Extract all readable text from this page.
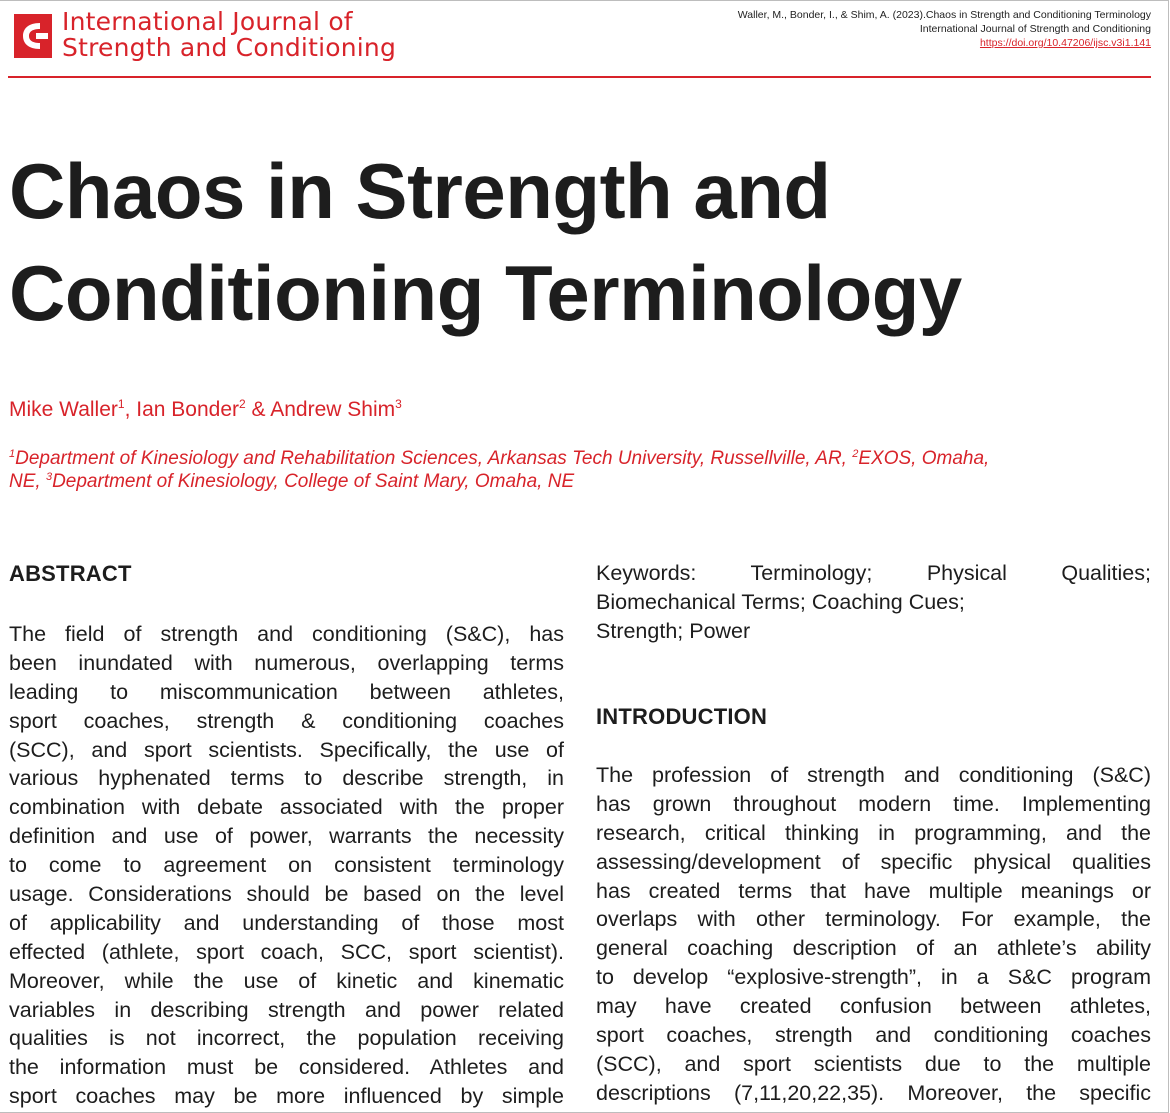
International Journal of
Strength and Conditioning
Waller, M., Bonder, I., & Shim, A. (2023).Chaos in Strength and Conditioning Terminology
International Journal of Strength and Conditioning
https://doi.org/10.47206/ijsc.v3i1.141
Chaos in Strength and
Conditioning Terminology
Mike Waller$^1$, Ian Bonder$^2$ & Andrew Shim$^3$
$^1$Department of Kinesiology and Rehabilitation Sciences, Arkansas Tech University, Russellville, AR, $^2$EXOS, Omaha,
NE, $^3$Department of Kinesiology, College of Saint Mary, Omaha, NE
ABSTRACT
The field of strength and conditioning (S&C), has
been inundated with numerous, overlapping terms
leading to miscommunication between athletes,
sport coaches, strength & conditioning coaches
(SCC), and sport scientists. Specifically, the use of
various hyphenated terms to describe strength, in
combination with debate associated with the proper
definition and use of power, warrants the necessity
to come to agreement on consistent terminology
usage. Considerations should be based on the level
of applicability and understanding of those most
effected (athlete, sport coach, SCC, sport scientist).
Moreover, while the use of kinetic and kinematic
variables in describing strength and power related
qualities is not incorrect, the population receiving
the information must be considered. Athletes and
sport coaches may be more influenced by simple
Keywords:	Terminology; Physical Qualities;
Biomechanical Terms; Coaching Cues;
Strength; Power
INTRODUCTION
The profession of strength and conditioning (S&C)
has grown throughout modern time. Implementing
research, critical thinking in programming, and the
assessing/development of specific physical qualities
has created terms that have multiple meanings or
overlaps with other terminology. For example, the
general coaching description of an athlete’s ability
to develop “explosive-strength”, in a S&C program
may have created confusion between athletes,
sport coaches, strength and conditioning coaches
(SCC), and sport scientists due to the multiple
descriptions (7,11,20,22,35). Moreover, the specific
